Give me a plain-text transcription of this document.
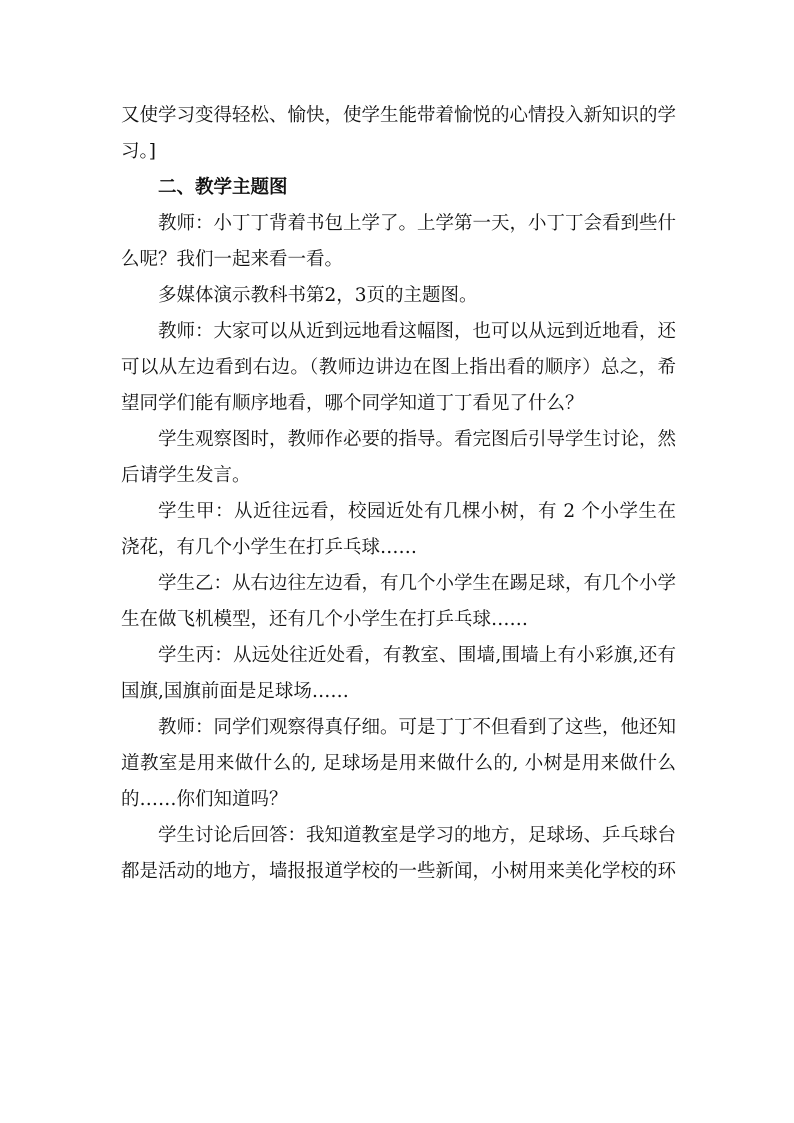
又使学习变得轻松、愉快，使学生能带着愉悦的心情投入新知识的学习。]

二、教学主题图

教师：小丁丁背着书包上学了。上学第一天，小丁丁会看到些什么呢？我们一起来看一看。

多媒体演示教科书第2，3页的主题图。

教师：大家可以从近到远地看这幅图，也可以从远到近地看，还可以从左边看到右边。（教师边讲边在图上指出看的顺序）总之，希望同学们能有顺序地看，哪个同学知道丁丁看见了什么？

学生观察图时，教师作必要的指导。看完图后引导学生讨论，然后请学生发言。

学生甲：从近往远看，校园近处有几棵小树，有 2 个小学生在浇花，有几个小学生在打乒乓球……

学生乙：从右边往左边看，有几个小学生在踢足球，有几个小学生在做飞机模型，还有几个小学生在打乒乓球……

学生丙：从远处往近处看，有教室、围墙,围墙上有小彩旗,还有国旗,国旗前面是足球场……

教师：同学们观察得真仔细。可是丁丁不但看到了这些，他还知道教室是用来做什么的, 足球场是用来做什么的, 小树是用来做什么的……你们知道吗？

学生讨论后回答：我知道教室是学习的地方，足球场、乒乓球台都是活动的地方，墙报报道学校的一些新闻，小树用来美化学校的环
